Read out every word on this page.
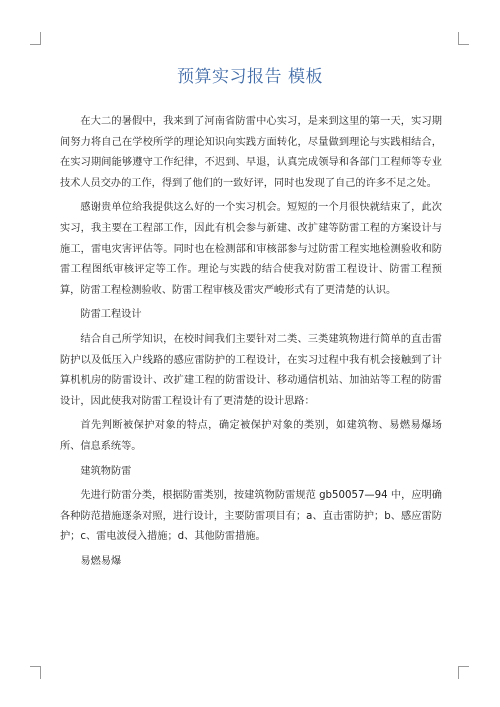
预算实习报告 模板

在大二的暑假中，我来到了河南省防雷中心实习，是来到这里的第一天，实习期间努力将自己在学校所学的理论知识向实践方面转化，尽量做到理论与实践相结合，在实习期间能够遵守工作纪律，不迟到、早退，认真完成领导和各部门工程师等专业技术人员交办的工作，得到了他们的一致好评，同时也发现了自己的许多不足之处。

感谢贵单位给我提供这么好的一个实习机会。短短的一个月很快就结束了，此次实习，我主要在工程部工作，因此有机会参与新建、改扩建等防雷工程的方案设计与施工，雷电灾害评估等。同时也在检测部和审核部参与过防雷工程实地检测验收和防雷工程图纸审核评定等工作。理论与实践的结合使我对防雷工程设计、防雷工程预算，防雷工程检测验收、防雷工程审核及雷灾严峻形式有了更清楚的认识。

防雷工程设计

结合自己所学知识，在校时间我们主要针对二类、三类建筑物进行简单的直击雷防护以及低压入户线路的感应雷防护的工程设计，在实习过程中我有机会接触到了计算机机房的防雷设计、改扩建工程的防雷设计、移动通信机站、加油站等工程的防雷设计，因此使我对防雷工程设计有了更清楚的设计思路：

首先判断被保护对象的特点，确定被保护对象的类别，如建筑物、易燃易爆场所、信息系统等。

建筑物防雷

先进行防雷分类，根据防雷类别，按建筑物防雷规范 gb50057—94 中，应明确各种防范措施逐条对照，进行设计，主要防雷项目有；a、直击雷防护；b、感应雷防护；c、雷电波侵入措施；d、其他防雷措施。

易燃易爆
